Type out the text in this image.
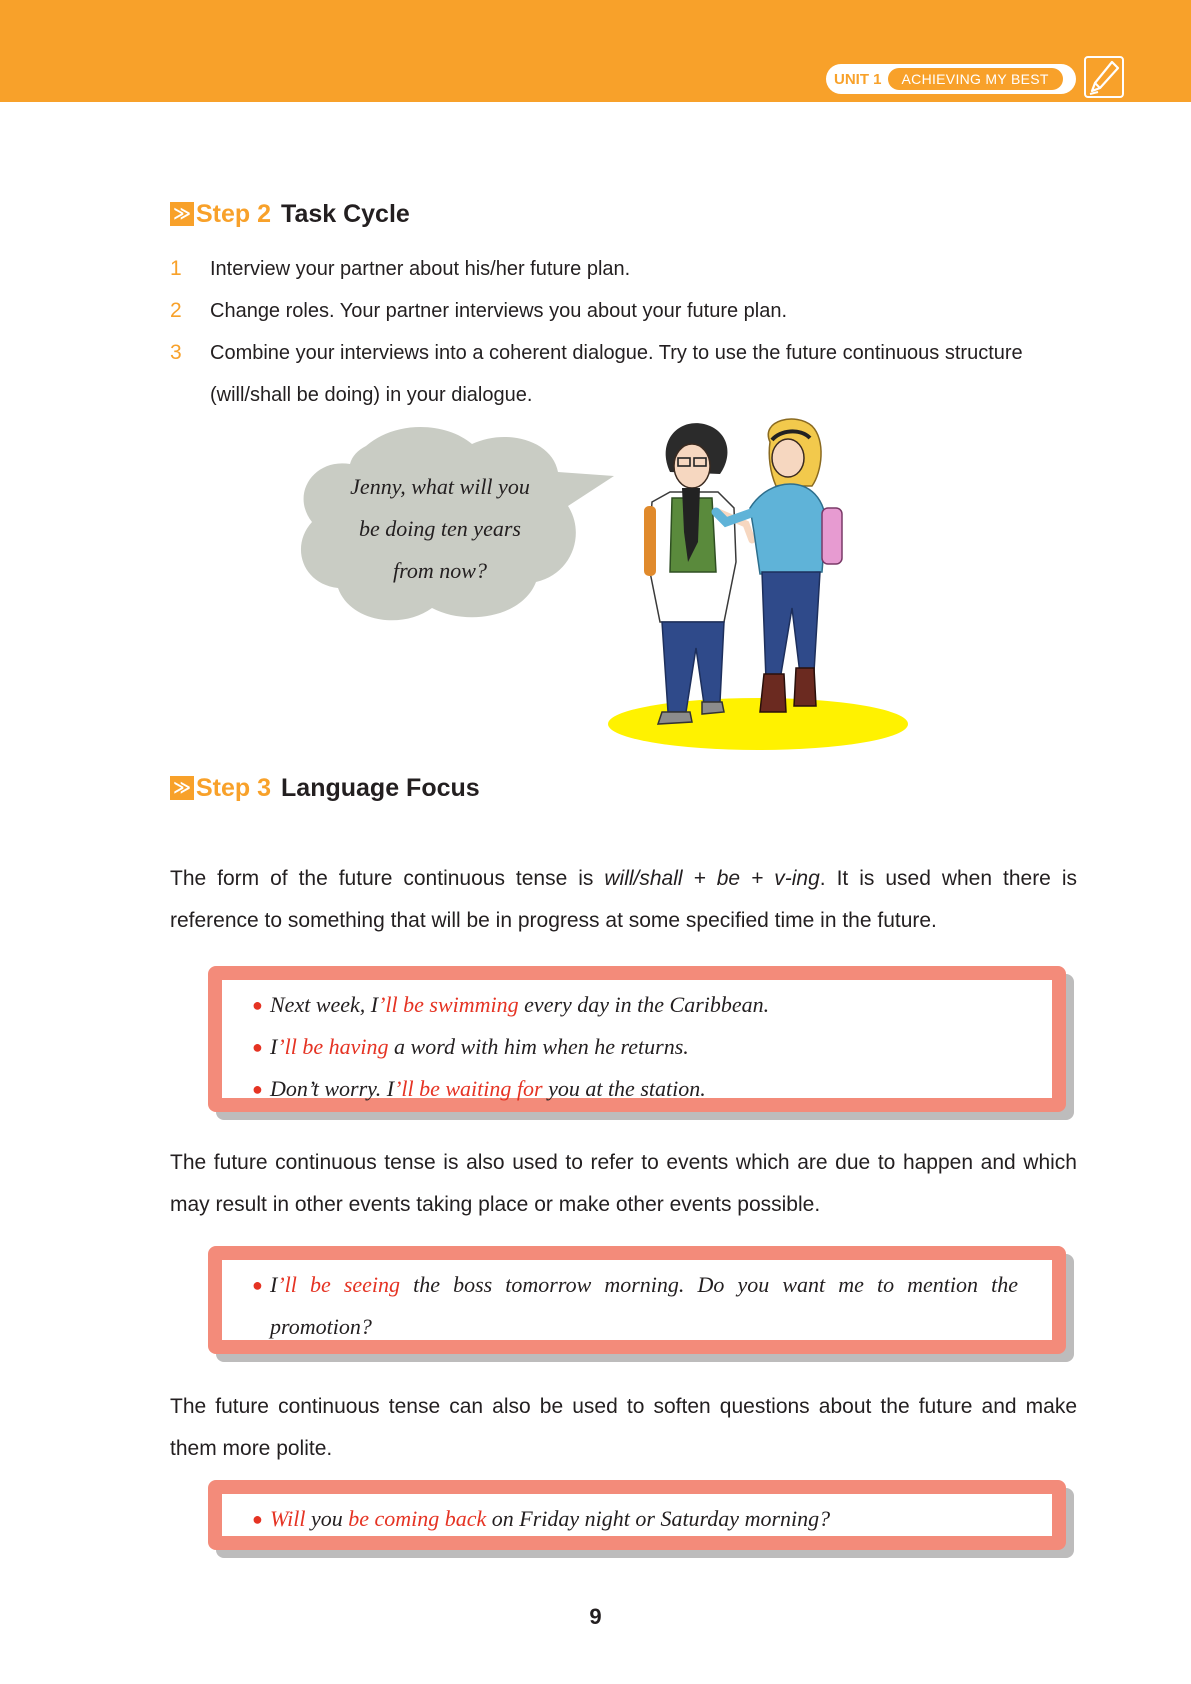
UNIT 1	ACHIEVING MY BEST
≫ Step 2 Task Cycle
1	Interview your partner about his/her future plan.
2	Change roles. Your partner interviews you about your future plan.
3	Combine your interviews into a coherent dialogue. Try to use the future continuous structure (will/shall be doing) in your dialogue.
Jenny, what will you
be doing ten years
from now?
≫ Step 3 Language Focus
The form of the future continuous tense is will/shall + be + v-ing. It is used when there is reference to something that will be in progress at some specified time in the future.
● Next week, I’ll be swimming every day in the Caribbean.
● I’ll be having a word with him when he returns.
● Don’t worry. I’ll be waiting for you at the station.
The future continuous tense is also used to refer to events which are due to happen and which may result in other events taking place or make other events possible.
● I’ll be seeing the boss tomorrow morning. Do you want me to mention the promotion?
The future continuous tense can also be used to soften questions about the future and make them more polite.
● Will you be coming back on Friday night or Saturday morning?
9
